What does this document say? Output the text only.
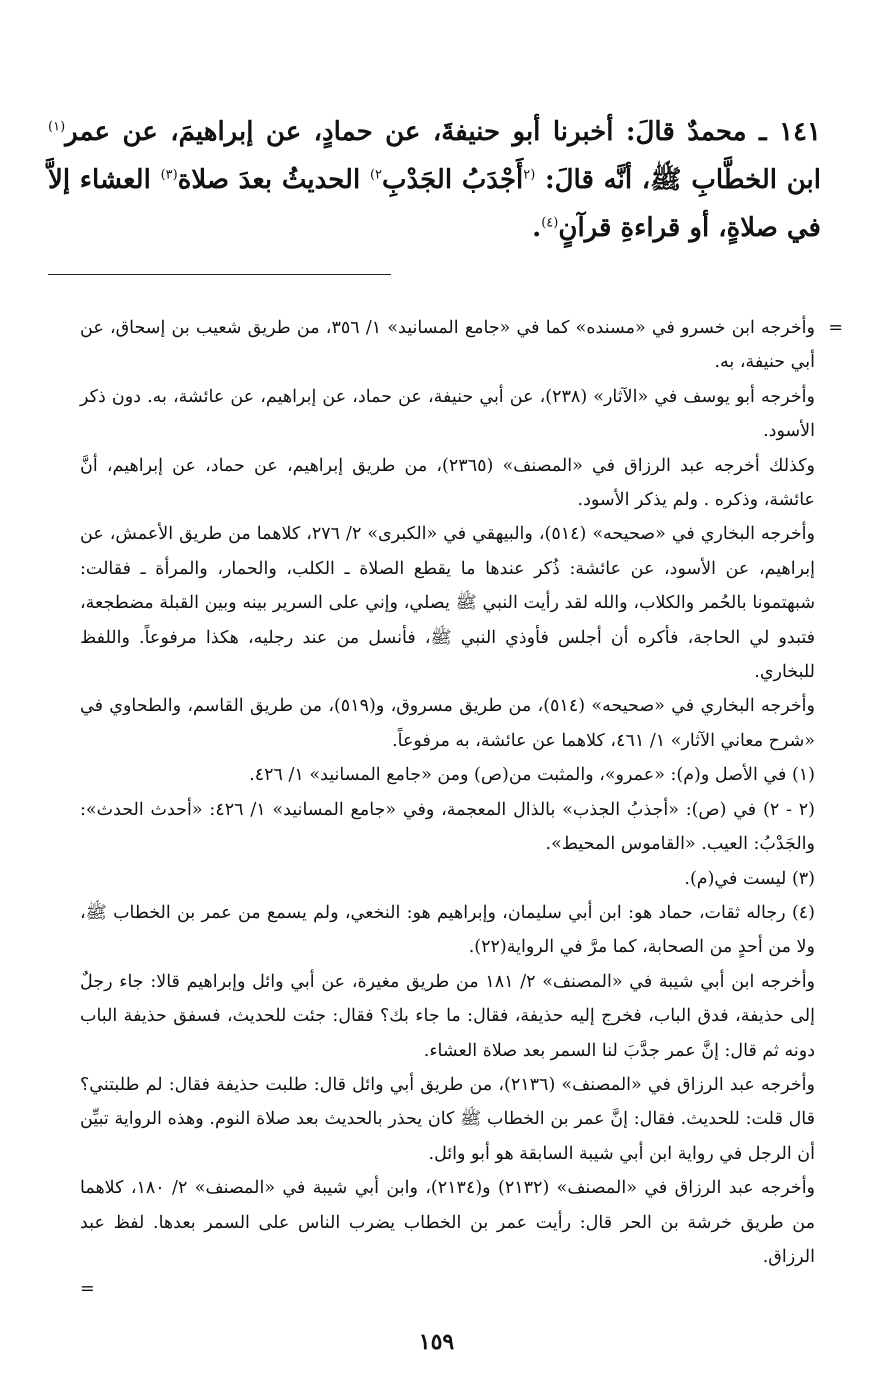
١٤١ ـ محمدٌ قالَ: أخبرنا أبو حنيفةَ، عن حمادٍ، عن إبراهيمَ، عن عمر$^{(١)}$ ابن الخطَّابِ ﷺ، أنَّه قالَ: $^{(٢}$أَجْدَبُ الجَدْبِ$^{٢)}$ الحديثُ بعدَ صلاة$^{(٣)}$ العشاء إلاَّ في صلاةٍ، أو قراءةِ قرآنٍ$^{(٤)}$.
=

وأخرجه ابن خسرو في «مسنده» كما في «جامع المسانيد» ١/ ٣٥٦، من طريق شعيب بن إسحاق، عن أبي حنيفة، به.

وأخرجه أبو يوسف في «الآثار» (٢٣٨)، عن أبي حنيفة، عن حماد، عن إبراهيم، عن عائشة، به. دون ذكر الأسود.

وكذلك أخرجه عبد الرزاق في «المصنف» (٢٣٦٥)، من طريق إبراهيم، عن حماد، عن إبراهيم، أنَّ عائشة، وذكره . ولم يذكر الأسود.

وأخرجه البخاري في «صحيحه» (٥١٤)، والبيهقي في «الكبرى» ٢/ ٢٧٦، كلاهما من طريق الأعمش، عن إبراهيم، عن الأسود، عن عائشة: ذُكر عندها ما يقطع الصلاة ـ الكلب، والحمار، والمرأة ـ فقالت: شبهتمونا بالحُمر والكلاب، والله لقد رأيت النبي ﷺ يصلي، وإني على السرير بينه وبين القبلة مضطجعة، فتبدو لي الحاجة، فأكره أن أجلس فأوذي النبي ﷺ، فأنسل من عند رجليه، هكذا مرفوعاً. واللفظ للبخاري.

وأخرجه البخاري في «صحيحه» (٥١٤)، من طريق مسروق، و(٥١٩)، من طريق القاسم، والطحاوي في «شرح معاني الآثار» ١/ ٤٦١، كلاهما عن عائشة، به مرفوعاً.

(١) في الأصل و(م): «عمرو»، والمثبت من(ص) ومن «جامع المسانيد» ١/ ٤٢٦.

(٢ - ٢) في (ص): «أجذبُ الجذب» بالذال المعجمة، وفي «جامع المسانيد» ١/ ٤٢٦: «أحدث الحدث»: والجَدْبُ: العيب. «القاموس المحيط».

(٣) ليست في(م).

(٤) رجاله ثقات، حماد هو: ابن أبي سليمان، وإبراهيم هو: النخعي، ولم يسمع من عمر بن الخطاب ﷺ، ولا من أحدٍ من الصحابة، كما مرَّ في الرواية(٢٢).

وأخرجه ابن أبي شيبة في «المصنف» ٢/ ١٨١ من طريق مغيرة، عن أبي وائل وإبراهيم قالا: جاء رجلٌ إلى حذيفة، فدق الباب، فخرج إليه حذيفة، فقال: ما جاء بك؟ فقال: جئت للحديث، فسفق حذيفة الباب دونه ثم قال: إنَّ عمر جدَّبَ لنا السمر بعد صلاة العشاء.

وأخرجه عبد الرزاق في «المصنف» (٢١٣٦)، من طريق أبي وائل قال: طلبت حذيفة فقال: لم طلبتني؟ قال قلت: للحديث. فقال: إنَّ عمر بن الخطاب ﷺ كان يحذر بالحديث بعد صلاة النوم. وهذه الرواية تبيِّن أن الرجل في رواية ابن أبي شيبة السابقة هو أبو وائل.

وأخرجه عبد الرزاق في «المصنف» (٢١٣٢) و(٢١٣٤)، وابن أبي شيبة في «المصنف» ٢/ ١٨٠، كلاهما من طريق خرشة بن الحر قال: رأيت عمر بن الخطاب يضرب الناس على السمر بعدها. لفظ عبد الرزاق.

=
١٥٩
